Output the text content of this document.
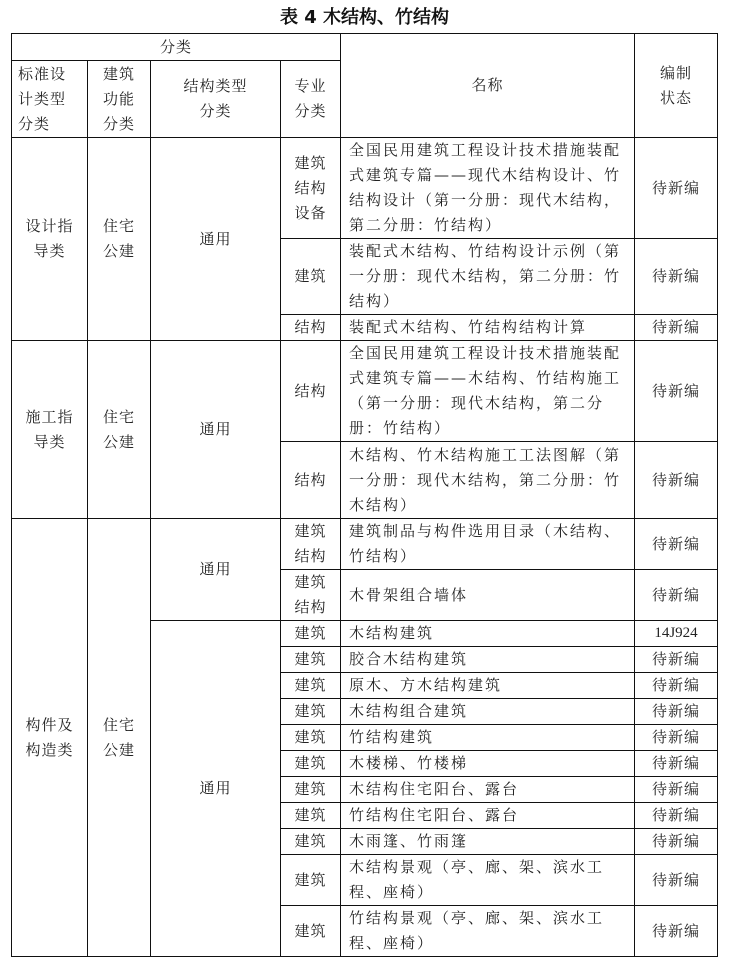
表 4 木结构、竹结构
分类				名称	编制状态

标准设计类型分类	建筑功能分类	结构类型分类	专业分类		

设计指导类	住宅公建	通用	建筑结构设备	全国民用建筑工程设计技术措施装配式建筑专篇——现代木结构设计、竹结构设计（第一分册：现代木结构，第二分册：竹结构）	待新编
			建筑	装配式木结构、竹结构设计示例（第一分册：现代木结构，第二分册：竹结构）	待新编
			结构	装配式木结构、竹结构结构计算	待新编

施工指导类	住宅公建	通用	结构	全国民用建筑工程设计技术措施装配式建筑专篇——木结构、竹结构施工（第一分册：现代木结构，第二分册：竹结构）	待新编
			结构	木结构、竹木结构施工工法图解（第一分册：现代木结构，第二分册：竹木结构）	待新编

构件及构造类	住宅公建	通用	建筑结构	建筑制品与构件选用目录（木结构、竹结构）	待新编

			建筑结构	木骨架组合墙体	待新编
		通用	建筑	木结构建筑	14J924
			建筑	胶合木结构建筑	待新编
			建筑	原木、方木结构建筑	待新编
			建筑	木结构组合建筑	待新编
			建筑	竹结构建筑	待新编
			建筑	木楼梯、竹楼梯	待新编
			建筑	木结构住宅阳台、露台	待新编
			建筑	竹结构住宅阳台、露台	待新编
			建筑	木雨篷、竹雨篷	待新编
			建筑	木结构景观（亭、廊、架、滨水工程、座椅）	待新编
			建筑	竹结构景观（亭、廊、架、滨水工程、座椅）	待新编
